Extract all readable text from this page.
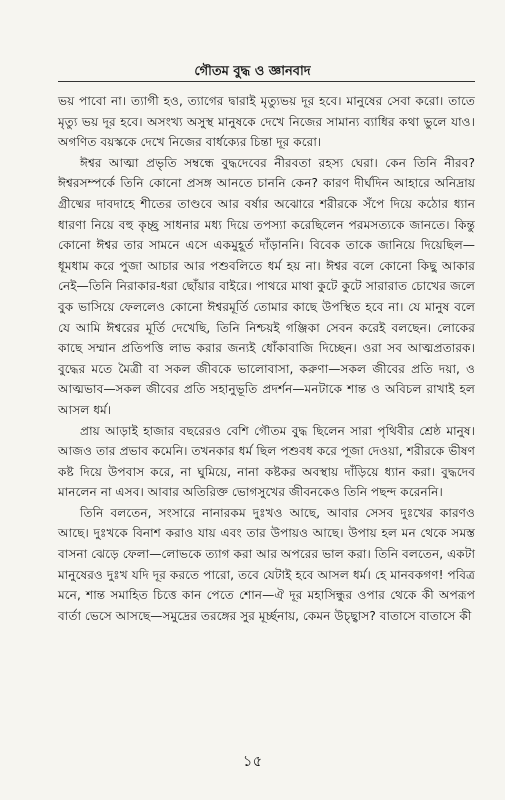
গৌতম বুদ্ধ ও জ্ঞানবাদ

ভয় পাবো না। ত্যাগী হও, ত্যাগের দ্বারাই মৃত্যুভয় দূর হবে। মানুষের সেবা করো। তাতে মৃত্যু ভয় দূর হবে। অসংখ্য অসুস্থ মানুষকে দেখে নিজের সামান্য ব্যাধির কথা ভুলে যাও। অগণিত বয়স্ককে দেখে নিজের বার্ধক্যের চিন্তা দূর করো।

ঈশ্বর আত্মা প্রভৃতি সম্বন্ধে বুদ্ধদেবের নীরবতা রহস্য ঘেরা। কেন তিনি নীরব? ঈশ্বরসম্পর্কে তিনি কোনো প্রসঙ্গ আনতে চাননি কেন? কারণ দীর্ঘদিন আহারে অনিদ্রায় গ্রীষ্মের দাবদাহে শীতের তাণ্ডবে আর বর্ষার অঝোরে শরীরকে সঁপে দিয়ে কঠোর ধ্যান ধারণা নিয়ে বহু কৃচ্ছ্র সাধনার মধ্য দিয়ে তপস্যা করেছিলেন পরমসত্যকে জানতে। কিন্তু কোনো ঈশ্বর তার সামনে এসে একমুহূর্ত দাঁড়াননি। বিবেক তাকে জানিয়ে দিয়েছিল—ধূমধাম করে পুজা আচার আর পশুবলিতে ধর্ম হয় না। ঈশ্বর বলে কোনো কিছু আকার নেই—তিনি নিরাকার-ধরা ছোঁয়ার বাইরে। পাথরে মাথা কুটে কুটে সারারাত চোখের জলে বুক ভাসিয়ে ফেললেও কোনো ঈশ্বরমূর্তি তোমার কাছে উপস্থিত হবে না। যে মানুষ বলে যে আমি ঈশ্বরের মূর্তি দেখেছি, তিনি নিশ্চয়ই গঞ্জিকা সেবন করেই বলছেন। লোকের কাছে সম্মান প্রতিপত্তি লাভ করার জন্যই ধোঁকাবাজি দিচ্ছেন। ওরা সব আত্মপ্রতারক। বুদ্ধের মতে মৈত্রী বা সকল জীবকে ভালোবাসা, করুণা—সকল জীবের প্রতি দয়া, ও আত্মভাব—সকল জীবের প্রতি সহানুভূতি প্রদর্শন—মনটাকে শান্ত ও অবিচল রাখাই হল আসল ধর্ম।

প্রায় আড়াই হাজার বছরেরও বেশি গৌতম বুদ্ধ ছিলেন সারা পৃথিবীর শ্রেষ্ঠ মানুষ। আজও তার প্রভাব কমেনি। তখনকার ধর্ম ছিল পশুবধ করে পূজা দেওয়া, শরীরকে ভীষণ কষ্ট দিয়ে উপবাস করে, না ঘুমিয়ে, নানা কষ্টকর অবস্থায় দাঁড়িয়ে ধ্যান করা। বুদ্ধদেব মানলেন না এসব। আবার অতিরিক্ত ভোগসুখের জীবনকেও তিনি পছন্দ করেননি।

তিনি বলতেন, সংসারে নানারকম দুঃখও আছে, আবার সেসব দুঃখের কারণও আছে। দুঃখকে বিনাশ করাও যায় এবং তার উপায়ও আছে। উপায় হল মন থেকে সমস্ত বাসনা ঝেড়ে ফেলা—লোভকে ত্যাগ করা আর অপরের ভাল করা। তিনি বলতেন, একটা মানুষেরও দুঃখ যদি দূর করতে পারো, তবে যেটাই হবে আসল ধর্ম। হে মানবকগণ! পবিত্র মনে, শান্ত সমাহিত চিত্তে কান পেতে শোন—ঐ দূর মহাসিন্ধুর ওপার থেকে কী অপরূপ বার্তা ভেসে আসছে—সমুদ্রের তরঙ্গের সুর মূর্চ্ছনায়, কেমন উচ্ছ্বাস? বাতাসে বাতাসে কী

১৫
